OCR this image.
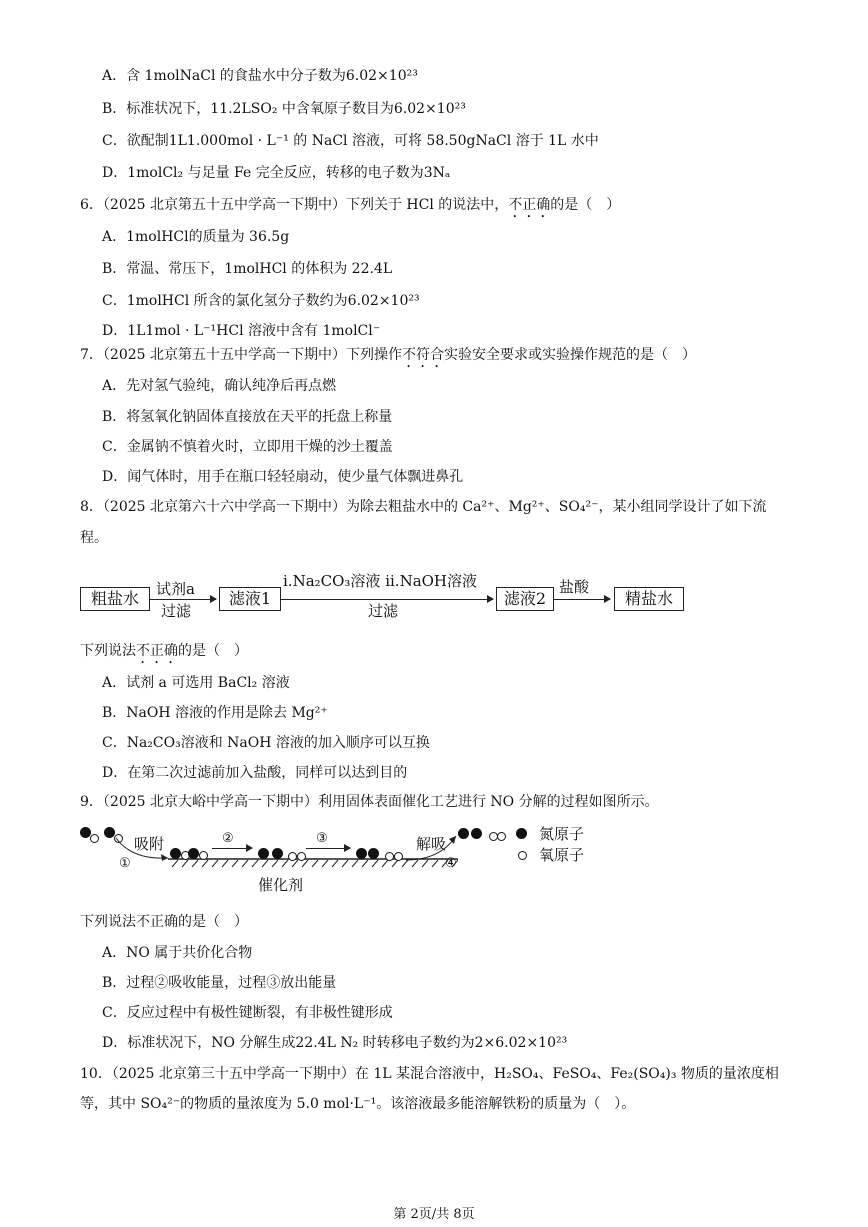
A．含 1molNaCl 的食盐水中分子数为6.02×10²³
B．标准状况下，11.2LSO₂ 中含氧原子数目为6.02×10²³
C．欲配制1L1.000mol · L⁻¹ 的 NaCl 溶液，可将 58.50gNaCl 溶于 1L 水中
D．1molCl₂ 与足量 Fe 完全反应，转移的电子数为3Nₐ
6．（2025 北京第五十五中学高一下期中）下列关于 HCl 的说法中，不正确的是（　）
A．1molHCl的质量为 36.5g
B．常温、常压下，1molHCl 的体积为 22.4L
C．1molHCl 所含的氯化氢分子数约为6.02×10²³
D．1L1mol · L⁻¹HCl 溶液中含有 1molCl⁻
7．（2025 北京第五十五中学高一下期中）下列操作不符合实验安全要求或实验操作规范的是（　）
A．先对氢气验纯，确认纯净后再点燃
B．将氢氧化钠固体直接放在天平的托盘上称量
C．金属钠不慎着火时，立即用干燥的沙土覆盖
D．闻气体时，用手在瓶口轻轻扇动，使少量气体飘进鼻孔
8．（2025 北京第六十六中学高一下期中）为除去粗盐水中的 Ca²⁺、Mg²⁺、SO₄²⁻，某小组同学设计了如下流
程。
粗盐水	试剂a
过滤
滤液1
i.Na₂CO₃溶液 ii.NaOH溶液
过滤
滤液2
盐酸
精盐水
下列说法不正确的是（　）
A．试剂 a 可选用 BaCl₂ 溶液
B．NaOH 溶液的作用是除去 Mg²⁺
C．Na₂CO₃溶液和 NaOH 溶液的加入顺序可以互换
D．在第二次过滤前加入盐酸，同样可以达到目的
9．（2025 北京大峪中学高一下期中）利用固体表面催化工艺进行 NO 分解的过程如图所示。
吸附
①
②	③	解吸
④
氮原子
氧原子
催化剂
下列说法不正确的是（　）
A．NO 属于共价化合物
B．过程②吸收能量，过程③放出能量
C．反应过程中有极性键断裂，有非极性键形成
D．标准状况下，NO 分解生成22.4L N₂ 时转移电子数约为2×6.02×10²³
10．（2025 北京第三十五中学高一下期中）在 1L 某混合溶液中，H₂SO₄、FeSO₄、Fe₂(SO₄)₃ 物质的量浓度相
等，其中 SO₄²⁻的物质的量浓度为 5.0 mol·L⁻¹。该溶液最多能溶解铁粉的质量为（　）。
第 2页/共 8页
